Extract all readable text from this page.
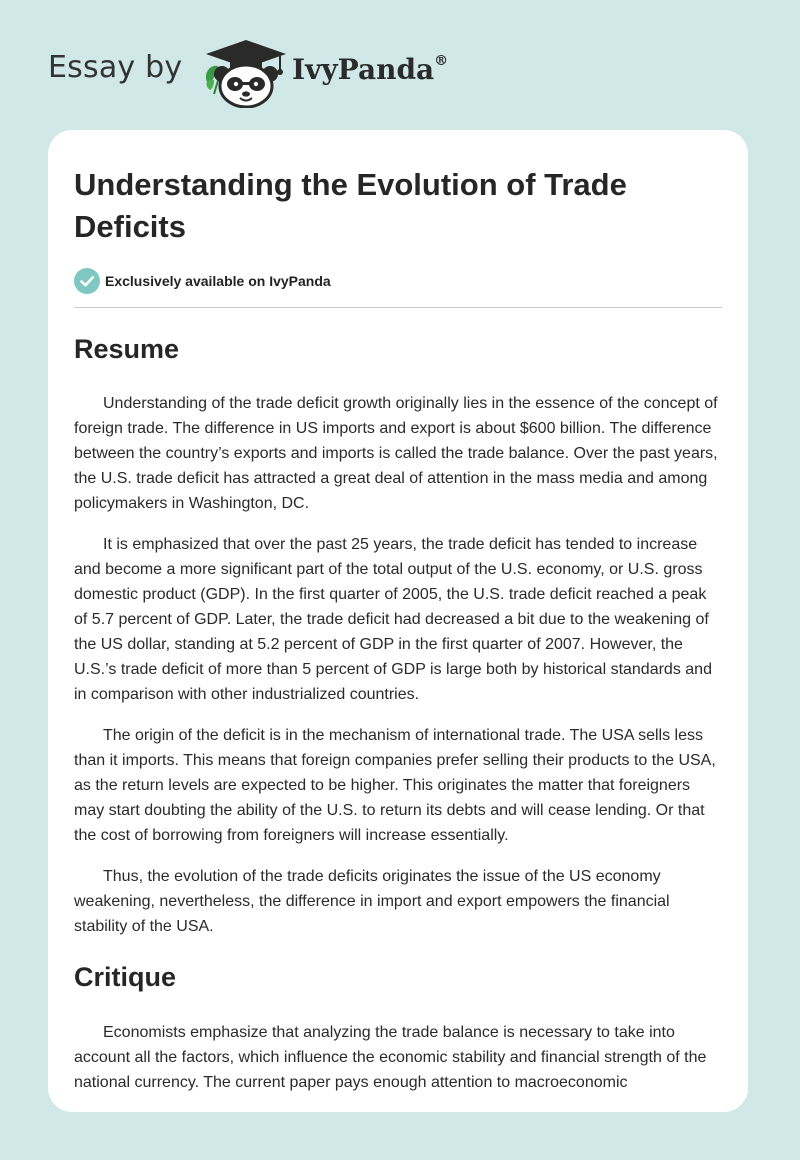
Essay by	IvyPanda®
Understanding the Evolution of Trade Deficits
Exclusively available on IvyPanda
Resume

Understanding of the trade deficit growth originally lies in the essence of the concept of foreign trade. The difference in US imports and export is about $600 billion. The difference between the country’s exports and imports is called the trade balance. Over the past years, the U.S. trade deficit has attracted a great deal of attention in the mass media and among policymakers in Washington, DC.

It is emphasized that over the past 25 years, the trade deficit has tended to increase and become a more significant part of the total output of the U.S. economy, or U.S. gross domestic product (GDP). In the first quarter of 2005, the U.S. trade deficit reached a peak of 5.7 percent of GDP. Later, the trade deficit had decreased a bit due to the weakening of the US dollar, standing at 5.2 percent of GDP in the first quarter of 2007. However, the U.S.’s trade deficit of more than 5 percent of GDP is large both by historical standards and in comparison with other industrialized countries.

The origin of the deficit is in the mechanism of international trade. The USA sells less than it imports. This means that foreign companies prefer selling their products to the USA, as the return levels are expected to be higher. This originates the matter that foreigners may start doubting the ability of the U.S. to return its debts and will cease lending. Or that the cost of borrowing from foreigners will increase essentially.

Thus, the evolution of the trade deficits originates the issue of the US economy weakening, nevertheless, the difference in import and export empowers the financial stability of the USA.

Critique

Economists emphasize that analyzing the trade balance is necessary to take into account all the factors, which influence the economic stability and financial strength of the national currency. The current paper pays enough attention to macroeconomic
